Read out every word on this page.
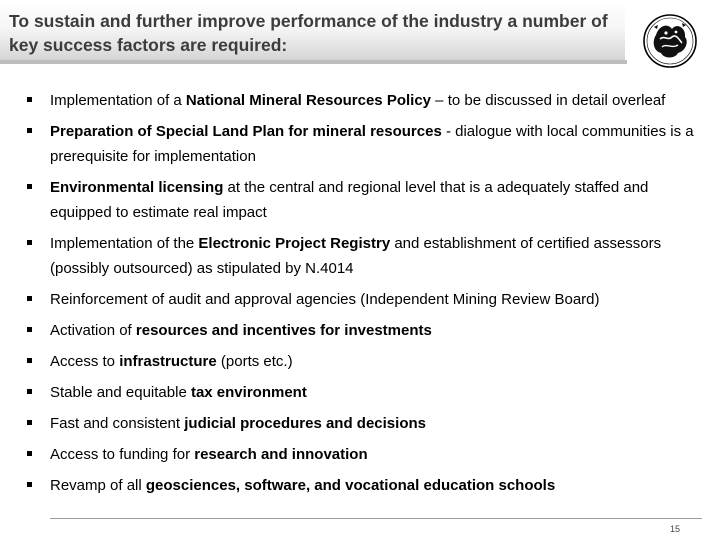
To sustain and further improve performance of the industry a number of key success factors are required:
Implementation of a National Mineral Resources Policy – to be discussed in detail overleaf
Preparation of Special Land Plan for mineral resources - dialogue with local communities is a prerequisite for implementation
Environmental licensing at the central and regional level that is a adequately staffed and equipped to estimate real impact
Implementation of the Electronic Project Registry and establishment of certified assessors (possibly outsourced) as stipulated by N.4014
Reinforcement of audit and approval agencies (Independent Mining Review Board)
Activation of resources and incentives for investments
Access to infrastructure (ports etc.)
Stable and equitable tax environment
Fast and consistent judicial procedures and decisions
Access to funding for research and innovation
Revamp of all geosciences, software, and vocational education schools
15
